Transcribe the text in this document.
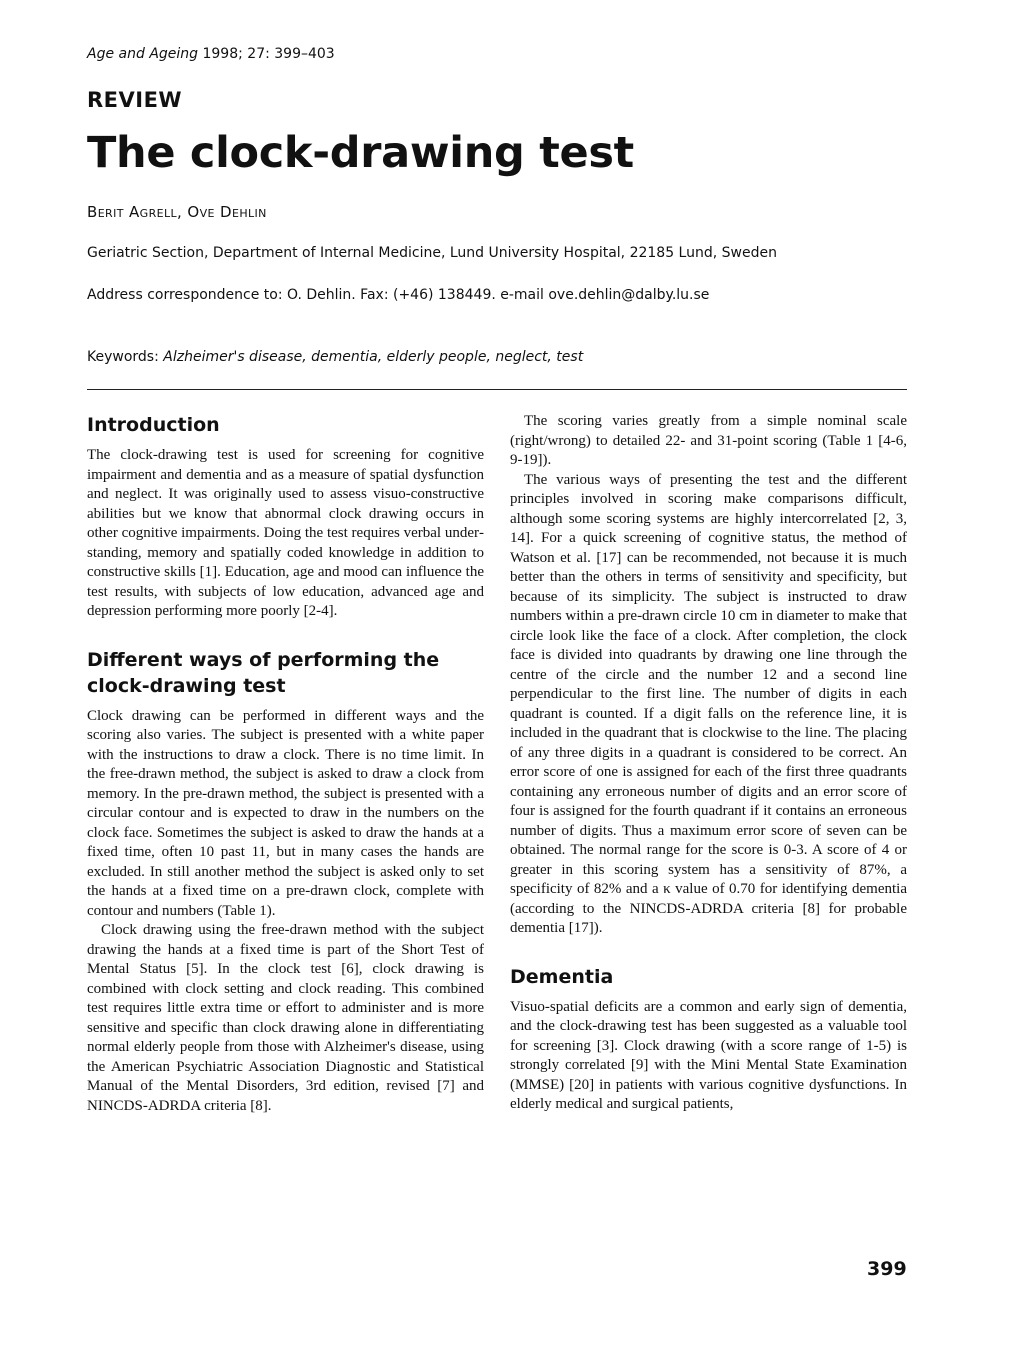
Age and Ageing 1998; 27: 399–403
REVIEW
The clock-drawing test
Berit Agrell, Ove Dehlin
Geriatric Section, Department of Internal Medicine, Lund University Hospital, 22185 Lund, Sweden
Address correspondence to: O. Dehlin. Fax: (+46) 138449. e-mail ove.dehlin@dalby.lu.se
Keywords: Alzheimer's disease, dementia, elderly people, neglect, test
Introduction

The clock-drawing test is used for screening for cognitive impairment and dementia and as a measure of spatial dysfunction and neglect. It was originally used to assess visuo-constructive abilities but we know that abnormal clock drawing occurs in other cognitive impairments. Doing the test requires verbal understanding, memory and spatially coded knowledge in addition to constructive skills [1]. Education, age and mood can influence the test results, with subjects of low education, advanced age and depression performing more poorly [2-4].

Different ways of performing the clock-drawing test

Clock drawing can be performed in different ways and the scoring also varies. The subject is presented with a white paper with the instructions to draw a clock. There is no time limit. In the free-drawn method, the subject is asked to draw a clock from memory. In the pre-drawn method, the subject is presented with a circular contour and is expected to draw in the numbers on the clock face. Sometimes the subject is asked to draw the hands at a fixed time, often 10 past 11, but in many cases the hands are excluded. In still another method the subject is asked only to set the hands at a fixed time on a pre-drawn clock, complete with contour and numbers (Table 1).

Clock drawing using the free-drawn method with the subject drawing the hands at a fixed time is part of the Short Test of Mental Status [5]. In the clock test [6], clock drawing is combined with clock setting and clock reading. This combined test requires little extra time or effort to administer and is more sensitive and specific than clock drawing alone in differentiating normal elderly people from those with Alzheimer's disease, using the American Psychiatric Association Diagnostic and Statistical Manual of the Mental Disorders, 3rd edition, revised [7] and NINCDS-ADRDA criteria [8].

The scoring varies greatly from a simple nominal scale (right/wrong) to detailed 22- and 31-point scoring (Table 1 [4-6, 9-19]).

The various ways of presenting the test and the different principles involved in scoring make comparisons difficult, although some scoring systems are highly intercorrelated [2, 3, 14]. For a quick screening of cognitive status, the method of Watson et al. [17] can be recommended, not because it is much better than the others in terms of sensitivity and specificity, but because of its simplicity. The subject is instructed to draw numbers within a pre-drawn circle 10 cm in diameter to make that circle look like the face of a clock. After completion, the clock face is divided into quadrants by drawing one line through the centre of the circle and the number 12 and a second line perpendicular to the first line. The number of digits in each quadrant is counted. If a digit falls on the reference line, it is included in the quadrant that is clockwise to the line. The placing of any three digits in a quadrant is considered to be correct. An error score of one is assigned for each of the first three quadrants containing any erroneous number of digits and an error score of four is assigned for the fourth quadrant if it contains an erroneous number of digits. Thus a maximum error score of seven can be obtained. The normal range for the score is 0-3. A score of 4 or greater in this scoring system has a sensitivity of 87%, a specificity of 82% and a κ value of 0.70 for identifying dementia (according to the NINCDS-ADRDA criteria [8] for probable dementia [17]).

Dementia

Visuo-spatial deficits are a common and early sign of dementia, and the clock-drawing test has been suggested as a valuable tool for screening [3]. Clock drawing (with a score range of 1-5) is strongly correlated [9] with the Mini Mental State Examination (MMSE) [20] in patients with various cognitive dysfunctions. In elderly medical and surgical patients,

399
